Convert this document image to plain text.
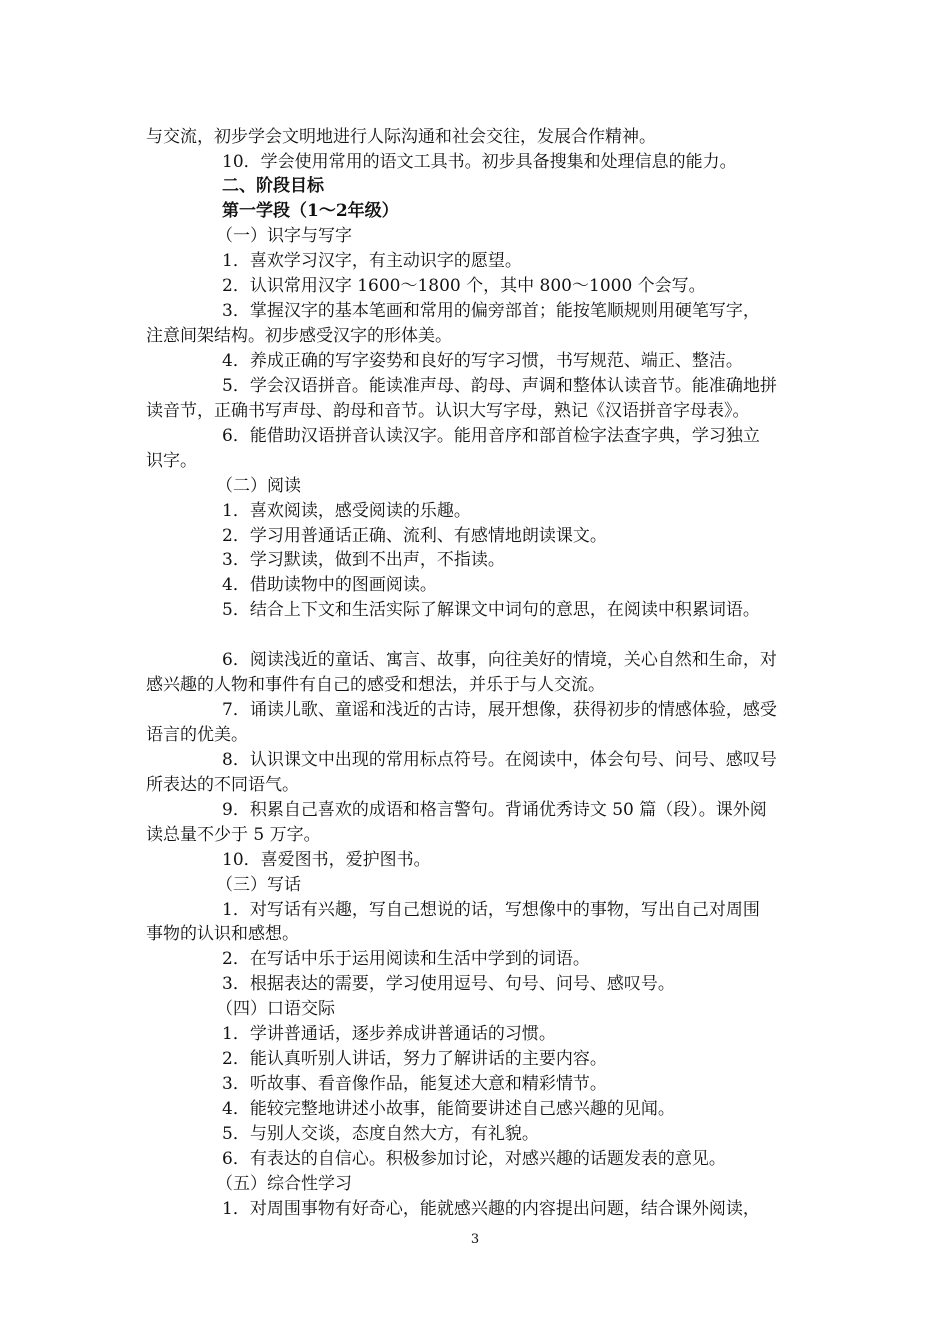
与交流，初步学会文明地进行人际沟通和社会交往，发展合作精神。
10．学会使用常用的语文工具书。初步具备搜集和处理信息的能力。
二、阶段目标
第一学段（1～2年级）
（一）识字与写字
1．喜欢学习汉字，有主动识字的愿望。
2．认识常用汉字 1600～1800 个，其中 800～1000 个会写。
3．掌握汉字的基本笔画和常用的偏旁部首；能按笔顺规则用硬笔写字，
注意间架结构。初步感受汉字的形体美。
4．养成正确的写字姿势和良好的写字习惯，书写规范、端正、整洁。
5．学会汉语拼音。能读准声母、韵母、声调和整体认读音节。能准确地拼
读音节，正确书写声母、韵母和音节。认识大写字母，熟记《汉语拼音字母表》。
6．能借助汉语拼音认读汉字。能用音序和部首检字法查字典，学习独立
识字。
（二）阅读
1．喜欢阅读，感受阅读的乐趣。
2．学习用普通话正确、流利、有感情地朗读课文。
3．学习默读，做到不出声，不指读。
4．借助读物中的图画阅读。
5．结合上下文和生活实际了解课文中词句的意思，在阅读中积累词语。
6．阅读浅近的童话、寓言、故事，向往美好的情境，关心自然和生命，对
感兴趣的人物和事件有自己的感受和想法，并乐于与人交流。
7．诵读儿歌、童谣和浅近的古诗，展开想像，获得初步的情感体验，感受
语言的优美。
8．认识课文中出现的常用标点符号。在阅读中，体会句号、问号、感叹号
所表达的不同语气。
9．积累自己喜欢的成语和格言警句。背诵优秀诗文 50 篇（段）。课外阅
读总量不少于 5 万字。
10．喜爱图书，爱护图书。
（三）写话
1．对写话有兴趣，写自己想说的话，写想像中的事物，写出自己对周围
事物的认识和感想。
2．在写话中乐于运用阅读和生活中学到的词语。
3．根据表达的需要，学习使用逗号、句号、问号、感叹号。
（四）口语交际
1．学讲普通话，逐步养成讲普通话的习惯。
2．能认真听别人讲话，努力了解讲话的主要内容。
3．听故事、看音像作品，能复述大意和精彩情节。
4．能较完整地讲述小故事，能简要讲述自己感兴趣的见闻。
5．与别人交谈，态度自然大方，有礼貌。
6．有表达的自信心。积极参加讨论，对感兴趣的话题发表的意见。
（五）综合性学习
1．对周围事物有好奇心，能就感兴趣的内容提出问题，结合课外阅读，
3
